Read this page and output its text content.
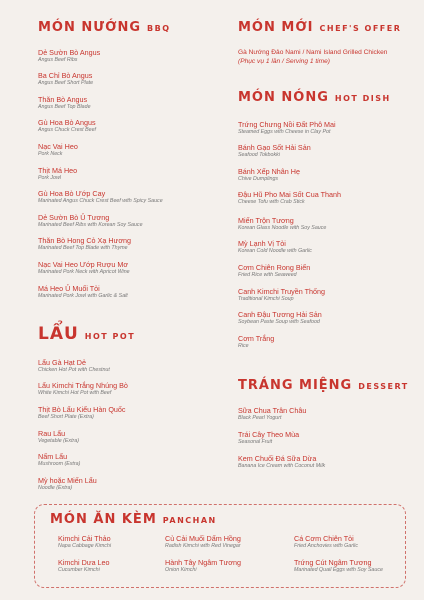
MÓN NƯỚNG BBQ
Dẻ Sườn Bò Angus
Angus Beef Ribs
Ba Chỉ Bò Angus
Angus Beef Short Plate
Thăn Bò Angus
Angus Beef Top Blade
Gù Hoa Bò Angus
Angus Chuck Crest Beef
Nạc Vai Heo
Pork Neck
Thịt Má Heo
Pork Jowl
Gù Hoa Bò Ướp Cay
Marinated Angus Chuck Crest Beef with Spicy Sauce
Dẻ Sườn Bò Ủ Tương
Marinated Beef Ribs with Korean Soy Sauce
Thăn Bò Hong Cỏ Xạ Hương
Marinated Beef Top Blade with Thyme
Nạc Vai Heo Ướp Rượu Mơ
Marinated Pork Neck with Apricot Wine
Má Heo Ủ Muối Tỏi
Marinated Pork Jowl with Garlic & Salt
LẨU HOT POT
Lẩu Gà Hạt Dẻ
Chicken Hot Pot with Chestnut
Lẩu Kimchi Trắng Nhúng Bò
White Kimchi Hot Pot with Beef
Thịt Bò Lẩu Kiểu Hàn Quốc
Beef Short Plate (Extra)
Rau Lẩu
Vegetable (Extra)
Nấm Lẩu
Mushroom (Extra)
Mỳ hoặc Miến Lẩu
Noodle (Extra)
MÓN MỚI CHEF'S OFFER
Gà Nướng Đảo Nami / Nami Island Grilled Chicken
(Phục vụ 1 lần / Serving 1 time)
MÓN NÓNG HOT DISH
Trứng Chưng Nồi Đất Phô Mai
Steamed Eggs with Cheese in Clay Pot
Bánh Gạo Sốt Hải Sản
Seafood Tokbokki
Bánh Xếp Nhân Hẹ
Chive Dumplings
Đậu Hũ Pho Mai Sốt Cua Thanh
Cheese Tofu with Crab Stick
Miến Trộn Tương
Korean Glass Noodle with Soy Sauce
Mỳ Lạnh Vị Tỏi
Korean Cold Noodle with Garlic
Cơm Chiên Rong Biển
Fried Rice with Seaweed
Canh Kimchi Truyền Thống
Traditional Kimchi Soup
Canh Đậu Tương Hải Sản
Soybean Paste Soup with Seafood
Cơm Trắng
Rice
TRÁNG MIỆNG DESSERT
Sữa Chua Trân Châu
Black Pearl Yogurt
Trái Cây Theo Mùa
Seasonal Fruit
Kem Chuối Đá Sữa Dừa
Banana Ice Cream with Coconut Milk
MÓN ĂN KÈM PANCHAN
Kimchi Cải Thảo
Napa Cabbage Kimchi
Kimchi Dưa Leo
Cucumber Kimchi
Củ Cải Muối Dấm Hồng
Radish Kimchi with Red Vinegar
Hành Tây Ngâm Tương
Onion Kimchi
Cá Cơm Chiên Tỏi
Fried Anchovies with Garlic
Trứng Cút Ngâm Tương
Marinated Quail Eggs with Soy Sauce
